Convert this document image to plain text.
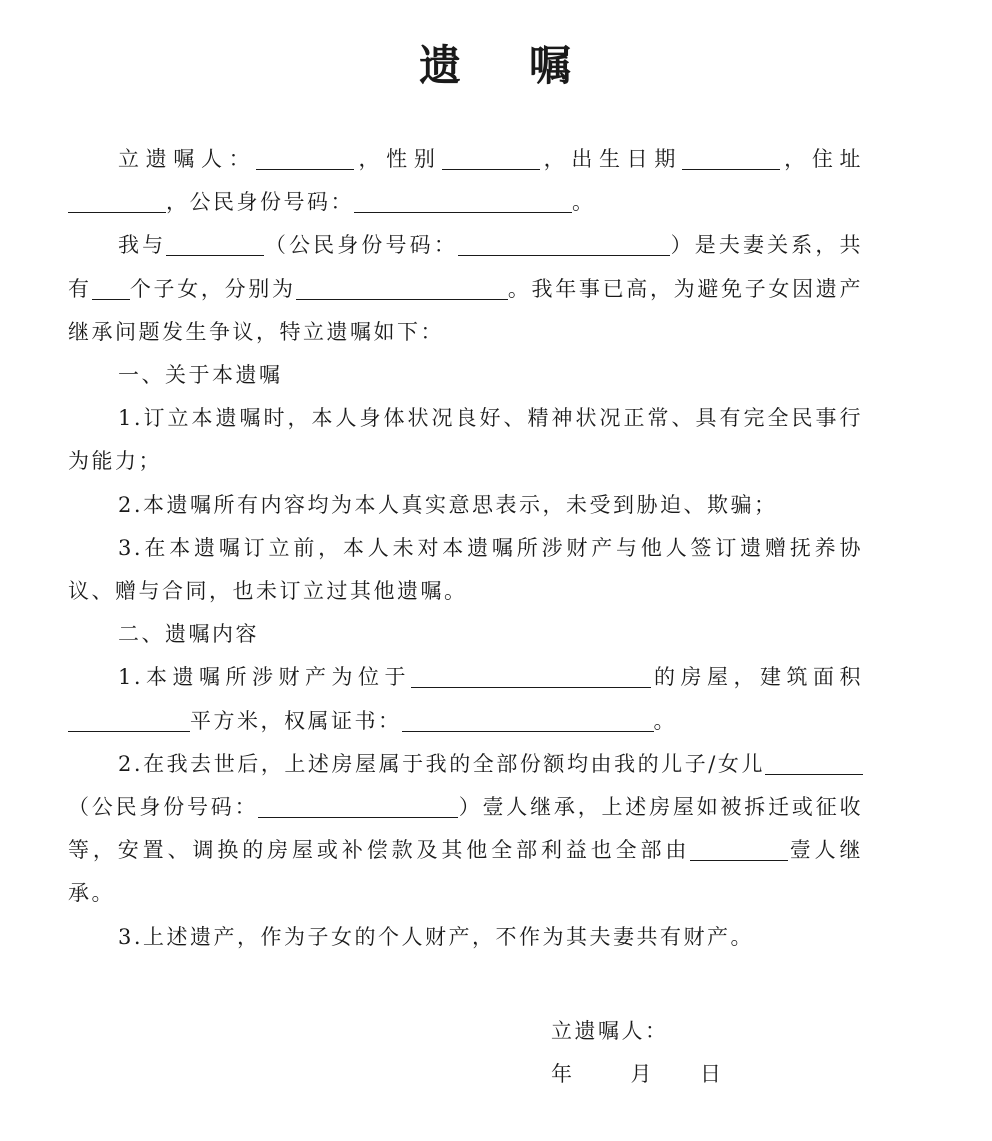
遗 嘱

立遗嘱人：	，性别	，出生日期	，住址，公民身份号码：	。

我与	（公民身份号码：	）是夫妻关系，共有 个子女，分别为	。我年事已高，为避免子女因遗产继承问题发生争议，特立遗嘱如下：

一、关于本遗嘱

1.订立本遗嘱时，本人身体状况良好、精神状况正常、具有完全民事行为能力；

2.本遗嘱所有内容均为本人真实意思表示，未受到胁迫、欺骗；

3.在本遗嘱订立前，本人未对本遗嘱所涉财产与他人签订遗赠抚养协议、赠与合同，也未订立过其他遗嘱。

二、遗嘱内容

1.本遗嘱所涉财产为位于	的房屋，建筑面积平方米，权属证书：	。

2.在我去世后，上述房屋属于我的全部份额均由我的儿子/女儿（公民身份号码：	）壹人继承，上述房屋如被拆迁或征收等，安置、调换的房屋或补偿款及其他全部利益也全部由	壹人继承。

3.上述遗产，作为子女的个人财产，不作为其夫妻共有财产。

立遗嘱人：
年	月 日
